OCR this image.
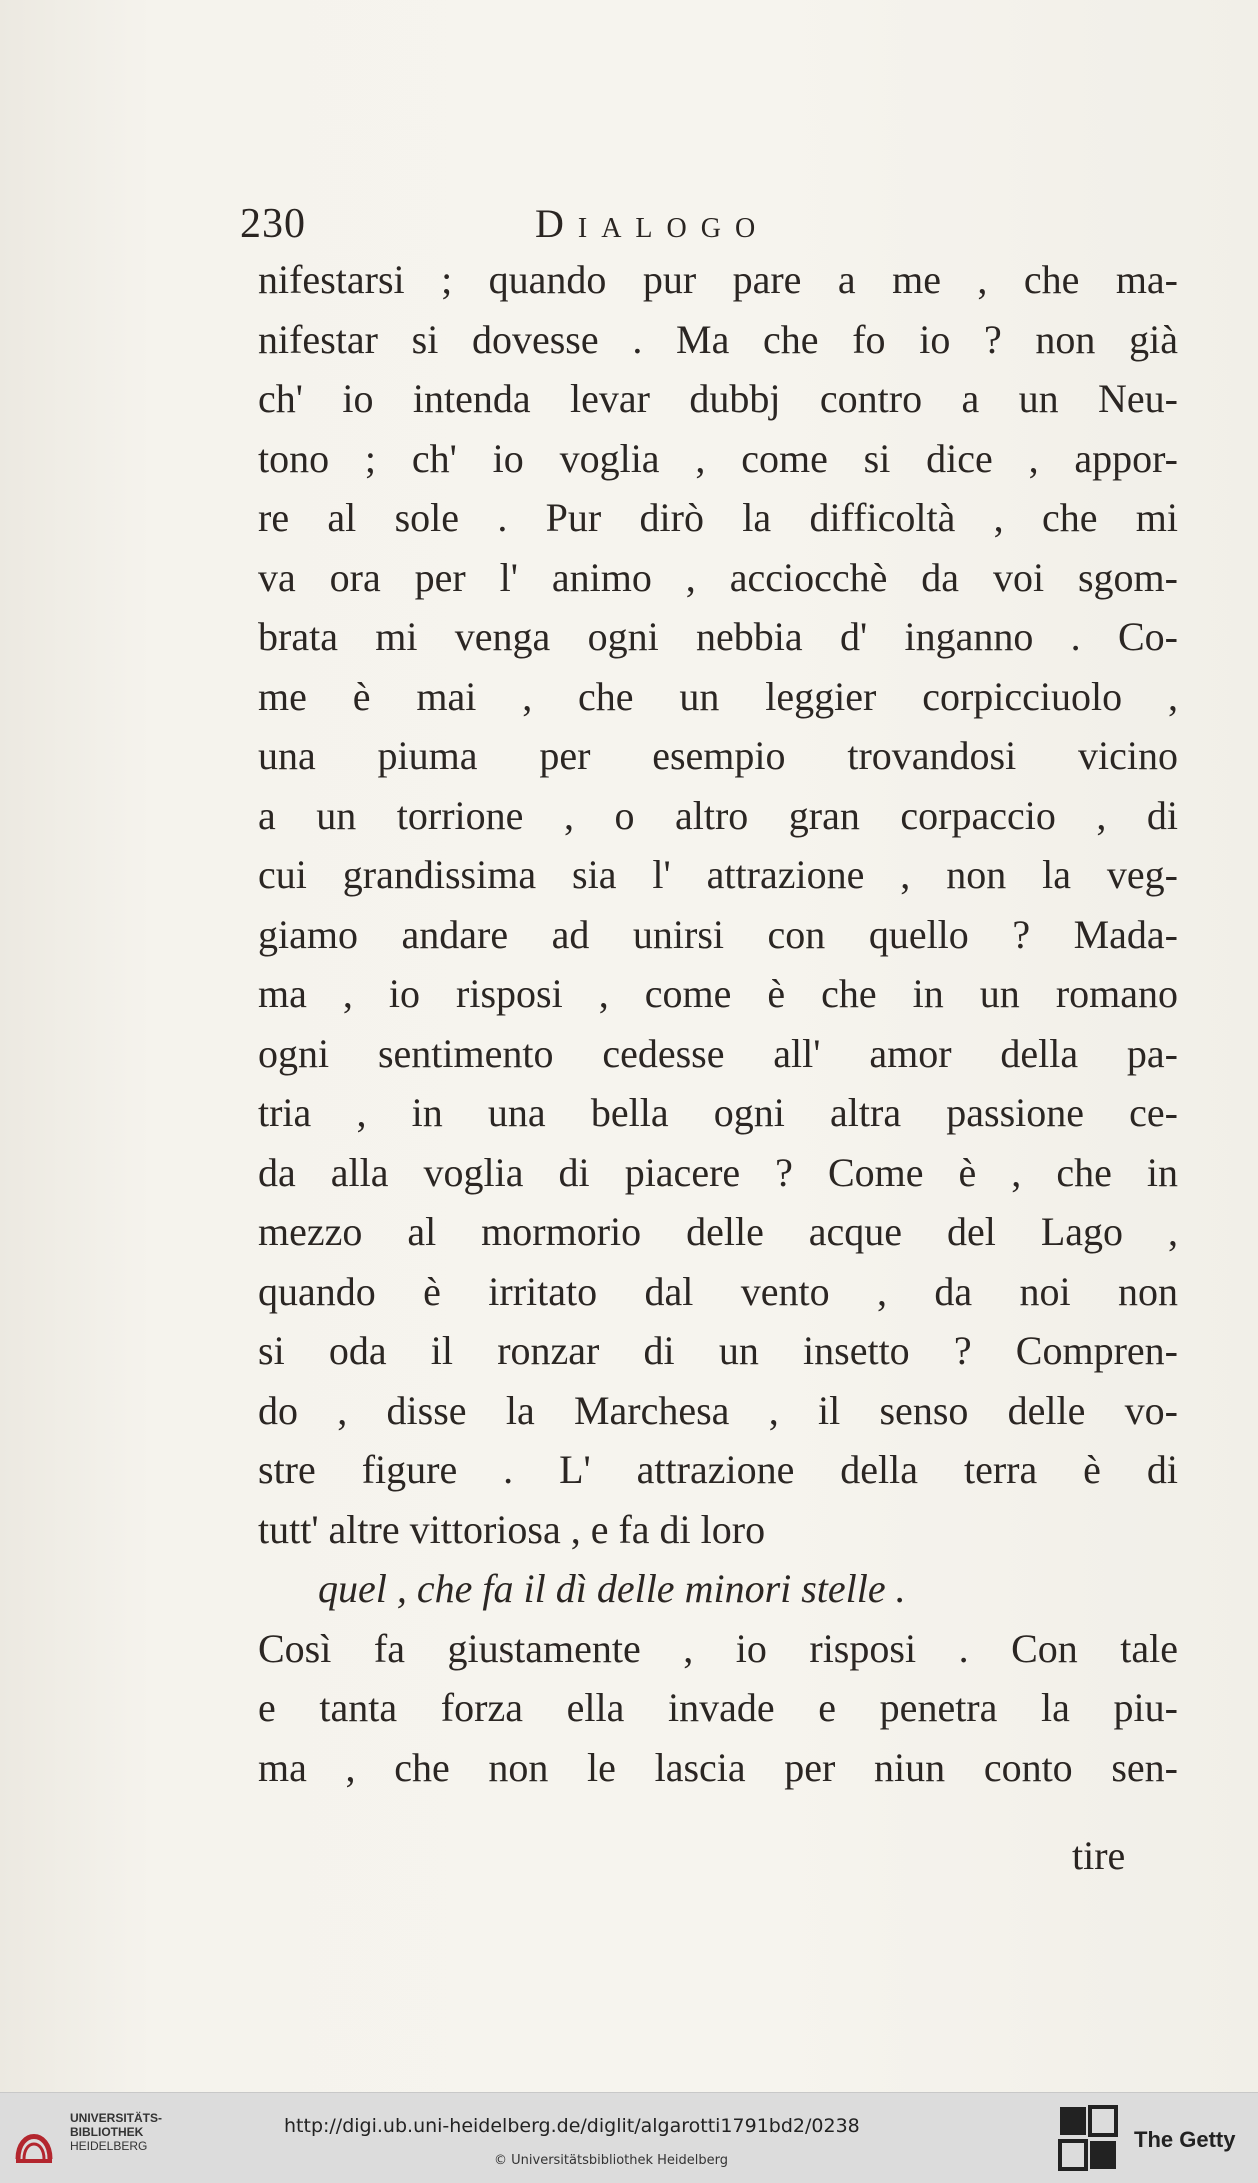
230	Dialogo
nifestarsi ; quando pur pare a me , che ma-
nifestar si dovesse . Ma che fo io ? non già
ch' io intenda levar dubbj contro a un Neu-
tono ; ch' io voglia , come si dice , appor-
re al sole . Pur dirò la difficoltà , che mi
va ora per l' animo , acciocchè da voi sgom-
brata mi venga ogni nebbia d' inganno . Co-
me è mai , che un leggier corpicciuolo ,
una piuma per esempio trovandosi vicino
a un torrione , o altro gran corpaccio , di
cui grandissima sia l' attrazione , non la veg-
giamo andare ad unirsi con quello ? Mada-
ma , io risposi , come è che in un romano
ogni sentimento cedesse all' amor della pa-
tria , in una bella ogni altra passione ce-
da alla voglia di piacere ? Come è , che in
mezzo al mormorio delle acque del Lago ,
quando è irritato dal vento , da noi non
si oda il ronzar di un insetto ? Compren-
do , disse la Marchesa , il senso delle vo-
stre figure . L' attrazione della terra è di
tutt' altre vittoriosa , e fa di loro
quel , che fa il dì delle minori stelle .
Così fa giustamente , io risposi . Con tale
e tanta forza ella invade e penetra la piu-
ma , che non le lascia per niun conto sen-
tire
UNIVERSITÄTS-
BIBLIOTHEK
HEIDELBERG
http://digi.ub.uni-heidelberg.de/diglit/algarotti1791bd2/0238
© Universitätsbibliothek Heidelberg
The Getty
